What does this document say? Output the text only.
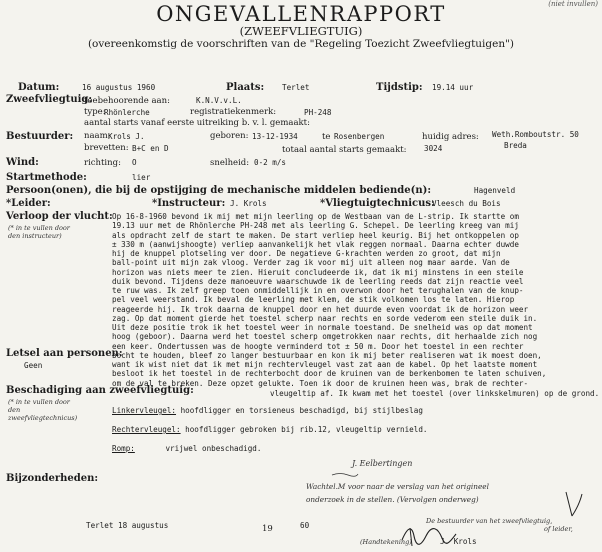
(niet invullen)
ONGEVALLENRAPPORT
(ZWEEFVLIEGTUIG)
(overeenkomstig de voorschriften van de "Regeling Toezicht Zweefvliegtuigen")
Datum:	16 augustus 1960	Plaats: Terlet	Tijdstip: 19.14 uur
Zweefvliegtuig:
toebehoorende aan:	K.N.V.v.L.
type:
Rhönlerche	registratiekenmerk:	PH-248
aantal starts vanaf eerste uitreiking b. v. l. gemaakt:
Bestuurder: naam:
Krols J.	geboren: 13-12-1934	te Rosenbergen	huidig adres: Weth.Romboutstr. 50
Breda
brevetten: B+C en D	totaal aantal starts gemaakt: 3024
Wind:	richting: O	snelheid: 0-2 m/s
Startmethode:	lier
Persoon(onen), die bij de opstijging de mechanische middelen bediende(n):	Hagenveld
*Leider:	*Instructeur: J. Krols	*Vliegtuigtechnicus:
Vleesch du Bois
Verloop der vlucht:
(* in te vullen door den instructeur)
Op 16-8-1960 bevond ik mij met mijn leerling op de Westbaan van de L-strip. Ik startte om
19.13 uur met de Rhönlerche PH-248 met als leerling G. Schepel. De leerling kreeg van mij
als opdracht zelf de start te maken. De start verliep heel keurig. Bij het ontkoppelen op
± 330 m (aanwijshoogte) verliep aanvankelijk het vlak reggen normaal. Daarna echter duwde
hij de knuppel plotseling ver door. De negatieve G-krachten werden zo groot, dat mijn
ball-point uit mijn zak vloog. Verder zag ik voor mij uit alleen nog maar aarde. Van de
horizon was niets meer te zien. Hieruit concludeerde ik, dat ik mij minstens in een steile
duik bevond. Tijdens deze manoeuvre waarschuwde ik de leerling reeds dat zijn reactie veel
te ruw was. Ik zelf greep toen onmiddellijk in en overwon door het terughalen van de knup-
pel veel weerstand. Ik beval de leerling met klem, de stik volkomen los te laten. Hierop
reageerde hij. Ik trok daarna de knuppel door en het duurde even voordat ik de horizon weer
zag. Op dat moment gierde het toestel scherp naar rechts en sorde vederom een steile duik in.
Uit deze positie trok ik het toestel weer in normale toestand. De snelheid was op dat moment
hoog (geboor). Daarna werd het toestel scherp omgetrokken naar rechts, dit herhaalde zich nog
een keer. Ondertussen was de hoogte verminderd tot ± 50 m. Door het toestel in een rechter
bocht te houden, bleef zo langer bestuurbaar en kon ik mij beter realiseren wat ik moest doen,
want ik wist niet dat ik met mijn rechtervleugel vast zat aan de kabel. Op het laatste moment
besloot ik het toestel in de rechterbocht door de kruinen van de berkenbomen te laten schuiven,
om de val te breken. Deze opzet gelukte. Toen ik door de kruinen heen was, brak de rechter-
vleugeltip af. Ik kwam met het toestel (over linkskelmuren) op de grond.
Letsel aan personen:
Geen
Beschadiging aan zweefvliegtuig:
(* in te vullen door den zweefvliegtechnicus)
Linkervleugel: hoofdligger en torsieneus beschadigd, bij stijlbeslag
Rechtervleugel: hoofdligger gebroken bij rib.12, vleugeltip vernield.
Romp:	vrijwel onbeschadigd.
Bijzonderheden:
J. Eelbertingen
Wachtel.M voor naar de verslag van het origineel
onderzoek in de stellen. (Vervolgen onderweg)
Terlet 18 augustus	19	60	De bestuurder van het zweefvliegtuig,
of leider,
(Handtekening)	J. Krols
